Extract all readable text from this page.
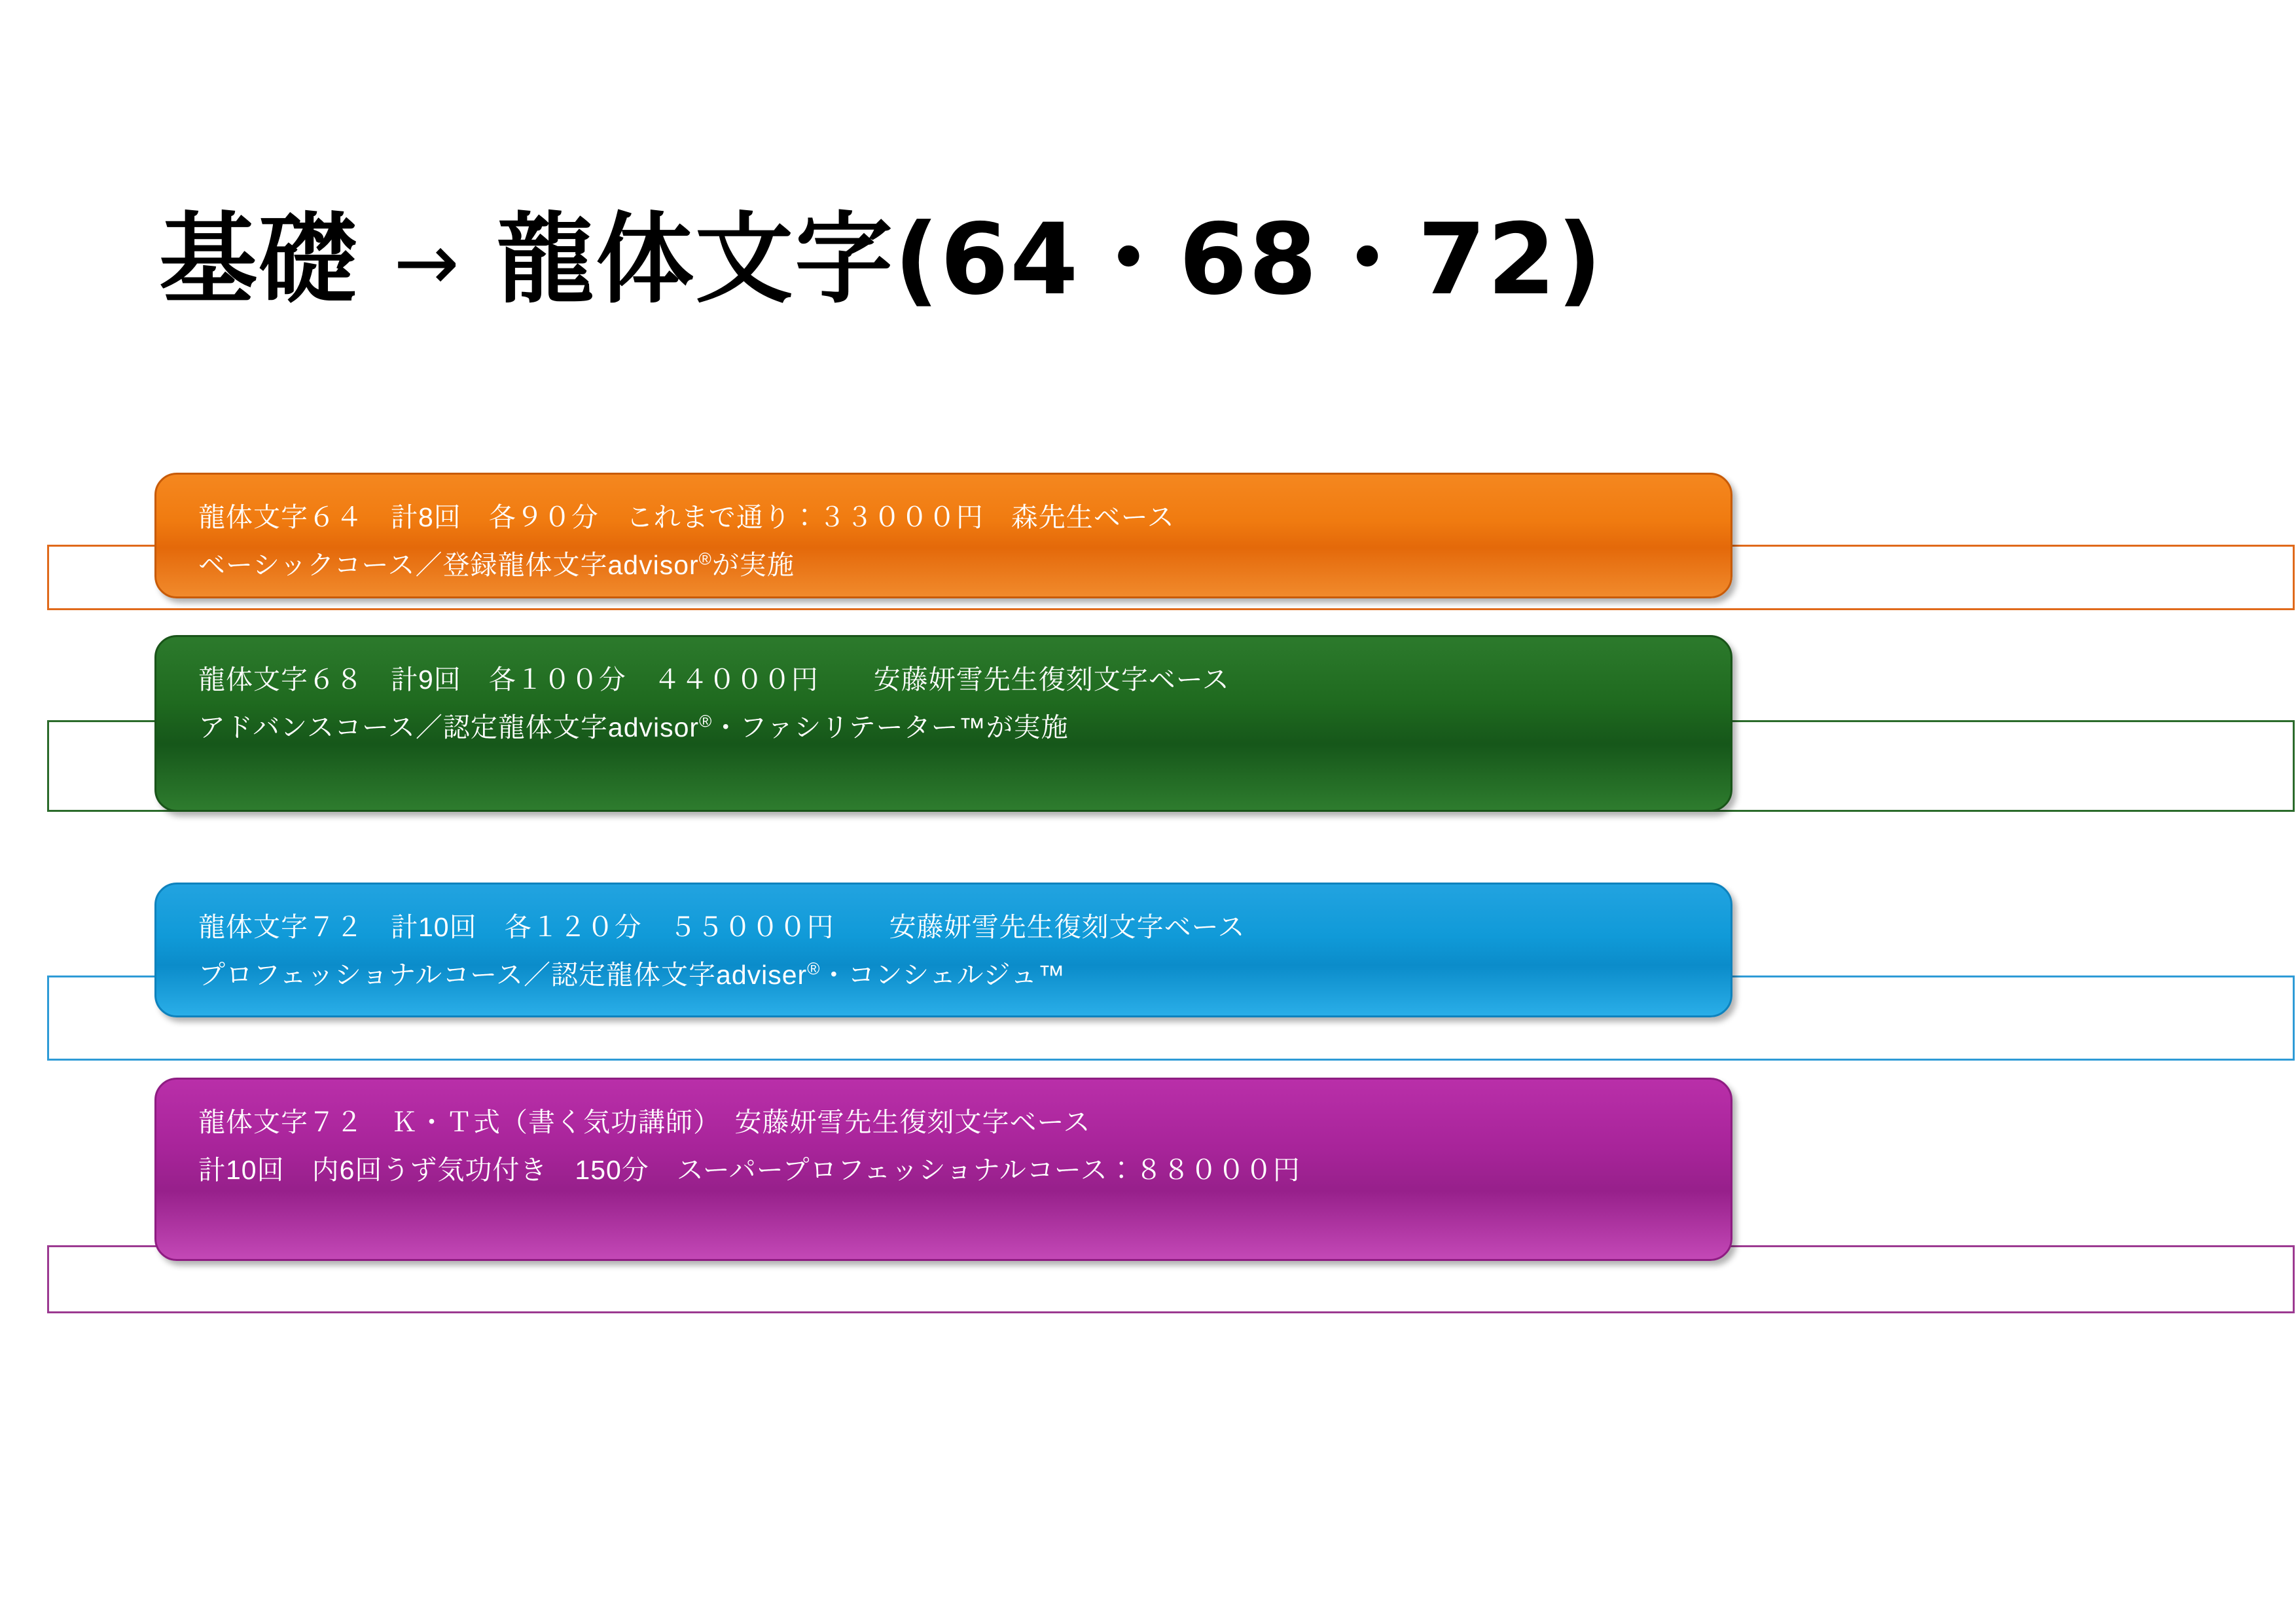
基礎 → 龍体文字(64・68・72)
龍体文字６４　計8回　各９０分　これまで通り：３３０００円　森先生ベース
ベーシックコース／登録龍体文字advisor®が実施
龍体文字６８　計9回　各１００分　４４０００円　　安藤妍雪先生復刻文字ベース
アドバンスコース／認定龍体文字advisor®・ファシリテーター™が実施
龍体文字７２　計10回　各１２０分　５５０００円　　安藤妍雪先生復刻文字ベース
プロフェッショナルコース／認定龍体文字adviser®・コンシェルジュ™
龍体文字７２　Ｋ・Ｔ式（書く気功講師）　安藤妍雪先生復刻文字ベース
計10回　内6回うず気功付き　150分　スーパープロフェッショナルコース：８８０００円
